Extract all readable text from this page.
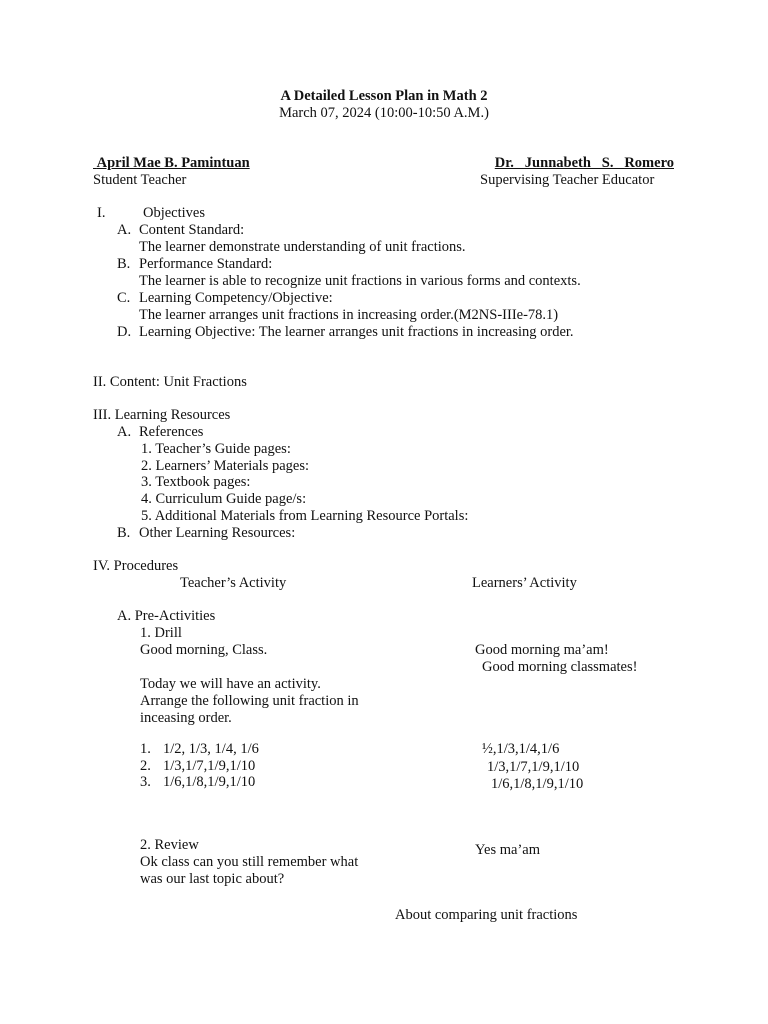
A Detailed Lesson Plan in Math 2
March 07, 2024 (10:00-10:50 A.M.)
April Mae B. Pamintuan
Student Teacher
Dr.   Junnabeth   S.   Romero
Supervising Teacher Educator
I.	Objectives
A. Content Standard:
The learner demonstrate understanding of unit fractions.
B. Performance Standard:
The learner is able to recognize unit fractions in various forms and contexts.
C. Learning Competency/Objective:
The learner arranges unit fractions in increasing order.(M2NS-IIIe-78.1)
D. Learning Objective: The learner arranges unit fractions in increasing order.
II. Content: Unit Fractions
III. Learning Resources
A. References
1. Teacher’s Guide pages:
2. Learners’ Materials pages:
3. Textbook pages:
4. Curriculum Guide page/s:
5. Additional Materials from Learning Resource Portals:
B. Other Learning Resources:
IV. Procedures
Teacher’s Activity	Learners’ Activity
A. Pre-Activities
1. Drill
Good morning, Class.	Good morning ma’am!
Good morning classmates!
Today we will have an activity.
Arrange the following unit fraction in
inceasing order.
1. 1/2, 1/3, 1/4, 1/6	½,1/3,1/4,1/6
2. 1/3,1/7,1/9,1/10	1/3,1/7,1/9,1/10
3. 1/6,1/8,1/9,1/10	1/6,1/8,1/9,1/10
2. Review	Yes ma’am
Ok class can you still remember what
was our last topic about?
About comparing unit fractions
